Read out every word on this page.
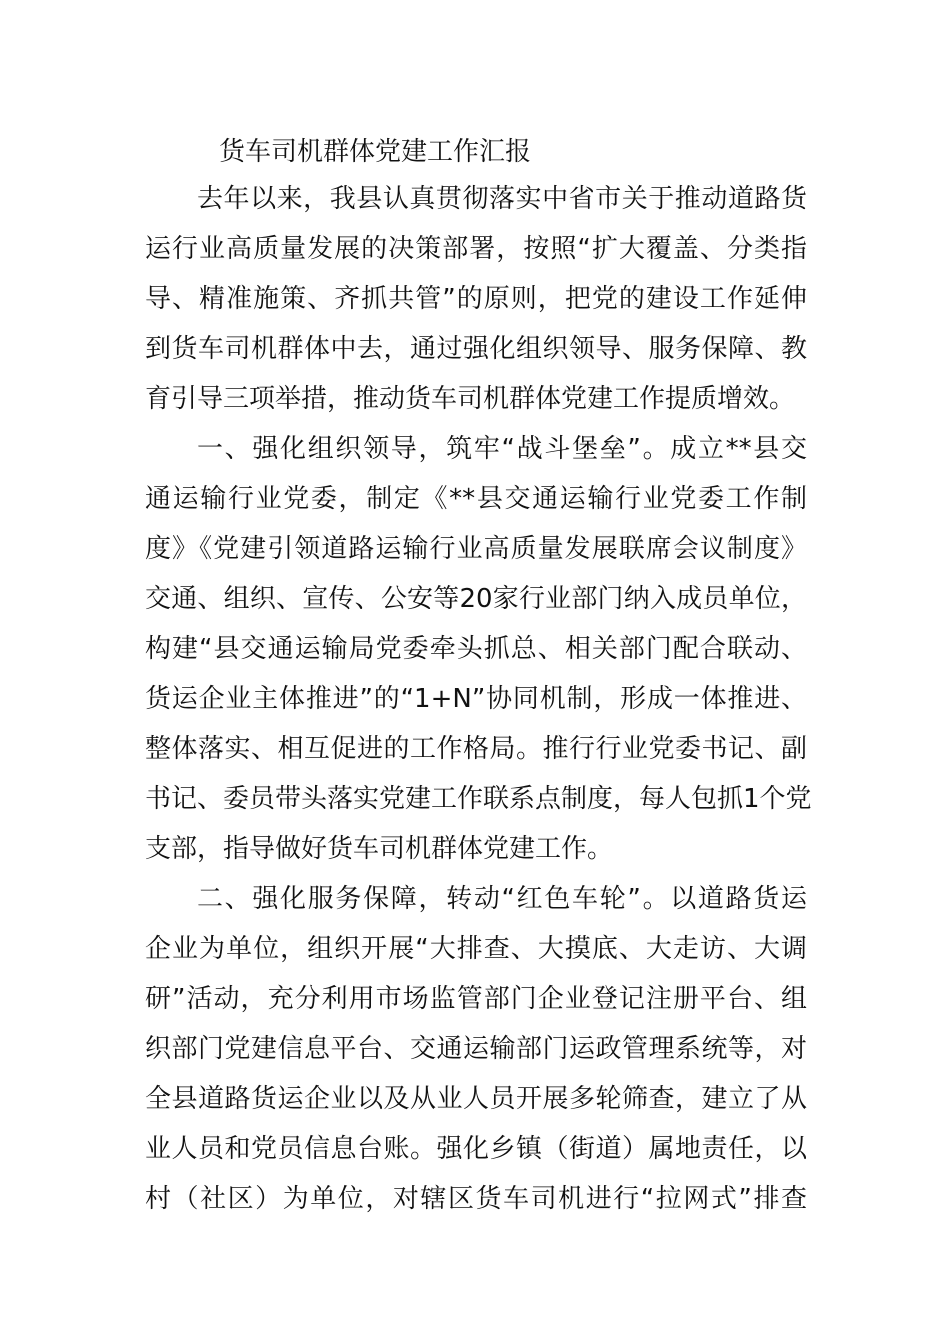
货车司机群体党建工作汇报
去年以来，我县认真贯彻落实中省市关于推动道路货
运行业高质量发展的决策部署，按照“扩大覆盖、分类指
导、精准施策、齐抓共管”的原则，把党的建设工作延伸
到货车司机群体中去，通过强化组织领导、服务保障、教
育引导三项举措，推动货车司机群体党建工作提质增效。
一、强化组织领导，筑牢“战斗堡垒”。成立**县交
通运输行业党委，制定《**县交通运输行业党委工作制
度》《党建引领道路运输行业高质量发展联席会议制度》
交通、组织、宣传、公安等20家行业部门纳入成员单位，
构建“县交通运输局党委牵头抓总、相关部门配合联动、
货运企业主体推进”的“1+N”协同机制，形成一体推进、
整体落实、相互促进的工作格局。推行行业党委书记、副
书记、委员带头落实党建工作联系点制度，每人包抓1个党
支部，指导做好货车司机群体党建工作。
二、强化服务保障，转动“红色车轮”。以道路货运
企业为单位，组织开展“大排查、大摸底、大走访、大调
研”活动，充分利用市场监管部门企业登记注册平台、组
织部门党建信息平台、交通运输部门运政管理系统等，对
全县道路货运企业以及从业人员开展多轮筛查，建立了从
业人员和党员信息台账。强化乡镇（街道）属地责任，以
村（社区）为单位，对辖区货车司机进行“拉网式”排查
